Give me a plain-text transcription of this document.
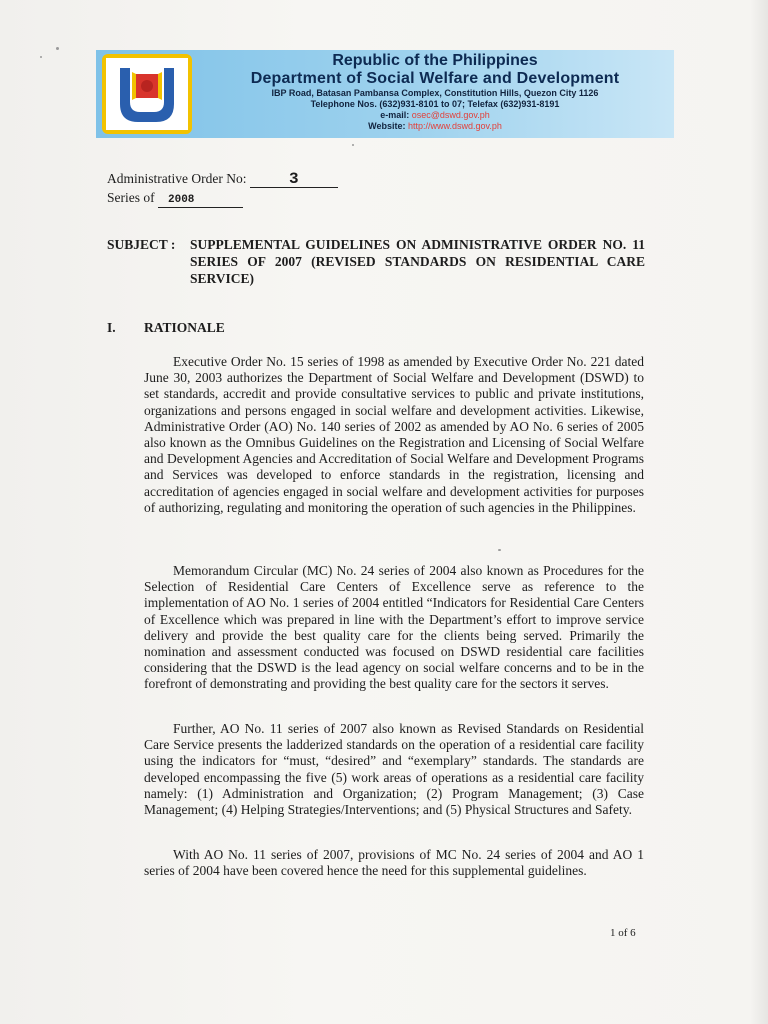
Republic of the Philippines
Department of Social Welfare and Development
IBP Road, Batasan Pambansa Complex, Constitution Hills, Quezon City 1126
Telephone Nos. (632)931-8101 to 07; Telefax (632)931-8191
e-mail: osec@dswd.gov.ph
Website: http://www.dswd.gov.ph
Administrative Order No:	3
Series of 2008
SUBJECT :	SUPPLEMENTAL GUIDELINES ON ADMINISTRATIVE ORDER NO. 11 SERIES OF 2007 (REVISED STANDARDS ON RESIDENTIAL CARE SERVICE)
I. RATIONALE

Executive Order No. 15 series of 1998 as amended by Executive Order No. 221 dated June 30, 2003 authorizes the Department of Social Welfare and Development (DSWD) to set standards, accredit and provide consultative services to public and private institutions, organizations and persons engaged in social welfare and development activities. Likewise, Administrative Order (AO) No. 140 series of 2002 as amended by AO No. 6 series of 2005 also known as the Omnibus Guidelines on the Registration and Licensing of Social Welfare and Development Agencies and Accreditation of Social Welfare and Development Programs and Services was developed to enforce standards in the registration, licensing and accreditation of agencies engaged in social welfare and development activities for purposes of authorizing, regulating and monitoring the operation of such agencies in the Philippines.

Memorandum Circular (MC) No. 24 series of 2004 also known as Procedures for the Selection of Residential Care Centers of Excellence serve as reference to the implementation of AO No. 1 series of 2004 entitled “Indicators for Residential Care Centers of Excellence which was prepared in line with the Department’s effort to improve service delivery and provide the best quality care for the clients being served. Primarily the nomination and assessment conducted was focused on DSWD residential care facilities considering that the DSWD is the lead agency on social welfare concerns and to be in the forefront of demonstrating and providing the best quality care for the sectors it serves.

Further, AO No. 11 series of 2007 also known as Revised Standards on Residential Care Service presents the ladderized standards on the operation of a residential care facility using the indicators for “must, “desired” and “exemplary” standards. The standards are developed encompassing the five (5) work areas of operations as a residential care facility namely: (1) Administration and Organization; (2) Program Management; (3) Case Management; (4) Helping Strategies/Interventions; and (5) Physical Structures and Safety.

With AO No. 11 series of 2007, provisions of MC No. 24 series of 2004 and AO 1 series of 2004 have been covered hence the need for this supplemental guidelines.

1 of 6
